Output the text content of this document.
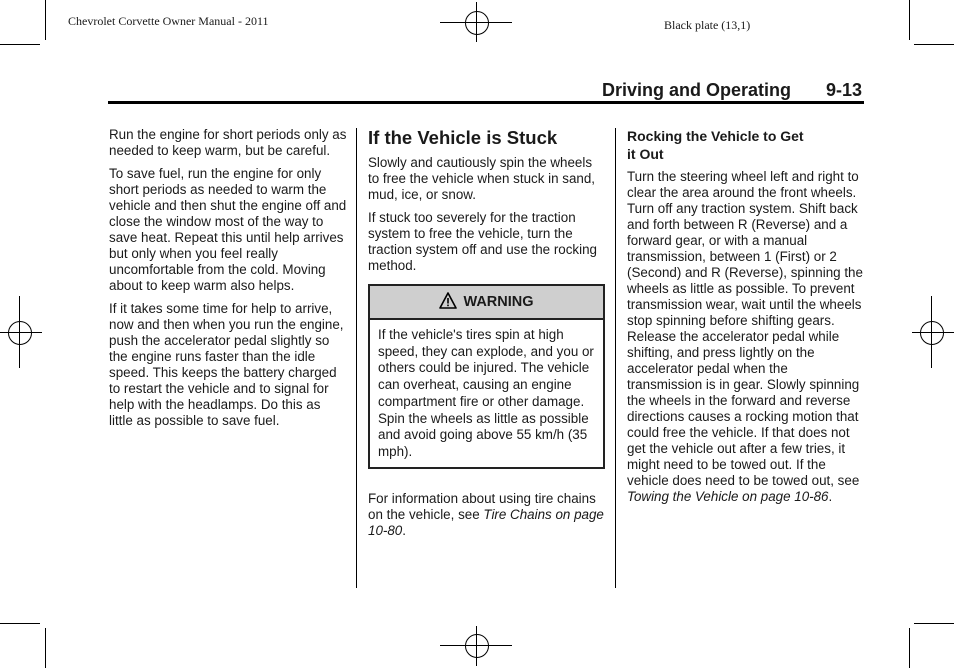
Chevrolet Corvette Owner Manual - 2011	Black plate (13,1)
Driving and Operating 9-13

Run the engine for short periods only as needed to keep warm, but be careful.

To save fuel, run the engine for only short periods as needed to warm the vehicle and then shut the engine off and close the window most of the way to save heat. Repeat this until help arrives but only when you feel really uncomfortable from the cold. Moving about to keep warm also helps.

If it takes some time for help to arrive, now and then when you run the engine, push the accelerator pedal slightly so the engine runs faster than the idle speed. This keeps the battery charged to restart the vehicle and to signal for help with the headlamps. Do this as little as possible to save fuel.

If the Vehicle is Stuck

Slowly and cautiously spin the wheels to free the vehicle when stuck in sand, mud, ice, or snow.

If stuck too severely for the traction system to free the vehicle, turn the traction system off and use the rocking method.

WARNING
If the vehicle's tires spin at high speed, they can explode, and you or others could be injured. The vehicle can overheat, causing an engine compartment fire or other damage. Spin the wheels as little as possible and avoid going above 55 km/h (35 mph).

For information about using tire chains on the vehicle, see Tire Chains on page 10-80.

Rocking the Vehicle to Get
it Out

Turn the steering wheel left and right to clear the area around the front wheels. Turn off any traction system. Shift back and forth between R (Reverse) and a forward gear, or with a manual transmission, between 1 (First) or 2 (Second) and R (Reverse), spinning the wheels as little as possible. To prevent transmission wear, wait until the wheels stop spinning before shifting gears. Release the accelerator pedal while shifting, and press lightly on the accelerator pedal when the transmission is in gear. Slowly spinning the wheels in the forward and reverse directions causes a rocking motion that could free the vehicle. If that does not get the vehicle out after a few tries, it might need to be towed out. If the vehicle does need to be towed out, see Towing the Vehicle on page 10-86.
